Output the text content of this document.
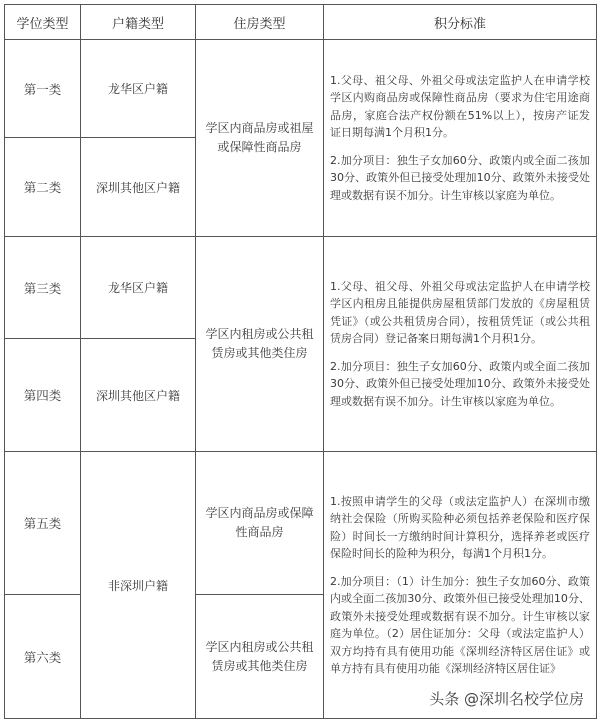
学位类型	户籍类型	住房类型	积分标准
第一类	龙华区户籍	学区内商品房或祖屋或保障性商品房	1.父母、祖父母、外祖父母或法定监护人在申请学校学区内购商品房或保障性商品房（要求为住宅用途商品房，家庭合法产权份额在51%以上），按房产证发证日期每满1个月积1分。

2.加分项目：独生子女加60分、政策内或全面二孩加30分、政策外但已接受处理加10分、政策外未接受处理或数据有误不加分。计生审核以家庭为单位。

第二类	深圳其他区户籍		
第三类	龙华区户籍	学区内租房或公共租赁房或其他类住房	1.父母、祖父母、外祖父母或法定监护人在申请学校学区内租房且能提供房屋租赁部门发放的《房屋租赁凭证》（或公共租赁房合同），按租赁凭证（或公共租赁房合同）登记备案日期每满1个月积1分。

2.加分项目：独生子女加60分、政策内或全面二孩加30分、政策外但已接受处理加10分、政策外未接受处理或数据有误不加分。计生审核以家庭为单位。

第四类	深圳其他区户籍		
第五类	非深圳户籍	学区内商品房或保障性商品房	1.按照申请学生的父母（或法定监护人）在深圳市缴纳社会保险（所购买险种必须包括养老保险和医疗保险）时间长一方缴纳时间计算积分，选择养老或医疗保险时间长的险种为积分，每满1个月积1分。

2.加分项目：（1）计生加分：独生子女加60分、政策内或全面二孩加30分、政策外但已接受处理加10分、政策外未接受处理或数据有误不加分。计生审核以家庭为单位。（2）居住证加分：父母（或法定监护人）双方均持有具有使用功能《深圳经济特区居住证》或单方持有具有使用功能《深圳经济特区居住证》

第六类		学区内租房或公共租赁房或其他类住房	
头条 @深圳名校学位房
